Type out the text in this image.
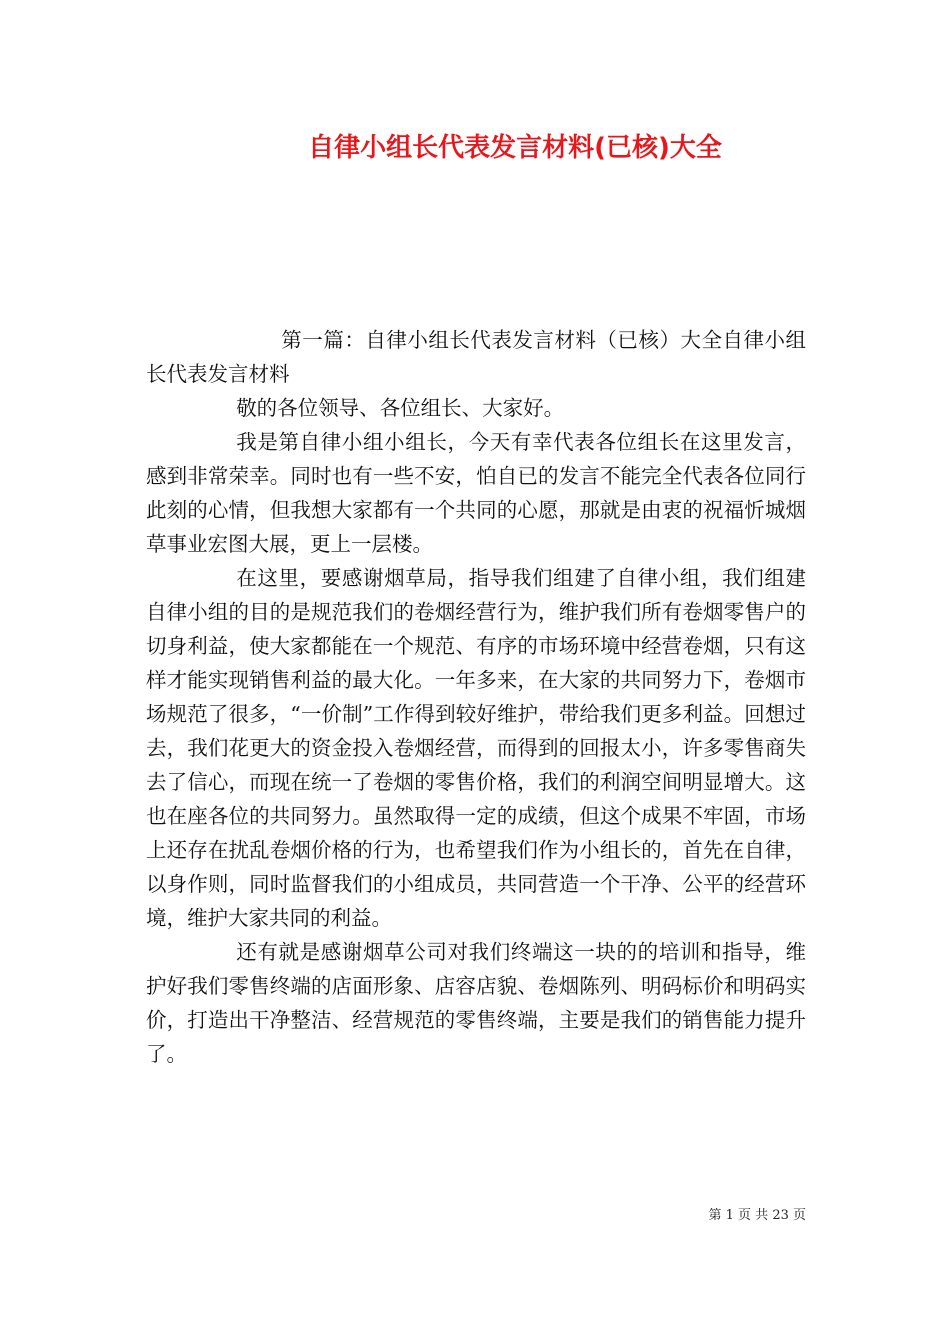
自律小组长代表发言材料(已核)大全

第一篇：自律小组长代表发言材料（已核）大全自律小组长代表发言材料

敬的各位领导、各位组长、大家好。

我是第自律小组小组长，今天有幸代表各位组长在这里发言，感到非常荣幸。同时也有一些不安，怕自已的发言不能完全代表各位同行此刻的心情，但我想大家都有一个共同的心愿，那就是由衷的祝福忻城烟草事业宏图大展，更上一层楼。

在这里，要感谢烟草局，指导我们组建了自律小组，我们组建自律小组的目的是规范我们的卷烟经营行为，维护我们所有卷烟零售户的切身利益，使大家都能在一个规范、有序的市场环境中经营卷烟，只有这样才能实现销售利益的最大化。一年多来，在大家的共同努力下，卷烟市场规范了很多，“一价制”工作得到较好维护，带给我们更多利益。回想过去，我们花更大的资金投入卷烟经营，而得到的回报太小，许多零售商失去了信心，而现在统一了卷烟的零售价格，我们的利润空间明显增大。这也在座各位的共同努力。虽然取得一定的成绩，但这个成果不牢固，市场上还存在扰乱卷烟价格的行为，也希望我们作为小组长的，首先在自律，以身作则，同时监督我们的小组成员，共同营造一个干净、公平的经营环境，维护大家共同的利益。

还有就是感谢烟草公司对我们终端这一块的的培训和指导，维护好我们零售终端的店面形象、店容店貌、卷烟陈列、明码标价和明码实价，打造出干净整洁、经营规范的零售终端，主要是我们的销售能力提升了。

第 1 页 共 23 页
